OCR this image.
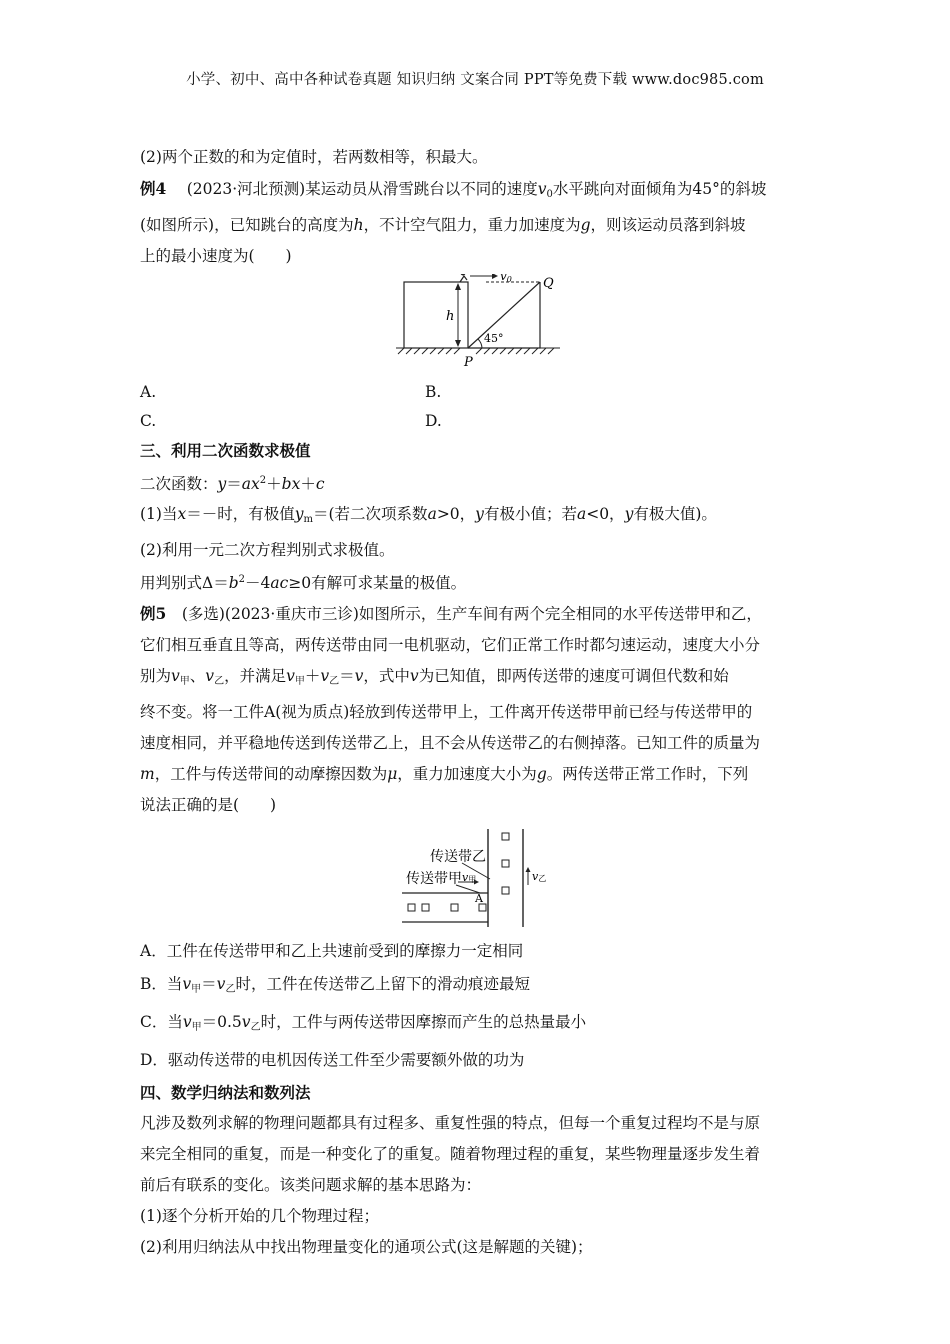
小学、初中、高中各种试卷真题 知识归纳 文案合同 PPT等免费下载 www.doc985.com

(2)两个正数的和为定值时，若两数相等，积最大。

例4 　 (2023·河北预测)某运动员从滑雪跳台以不同的速度$v_0$水平跳向对面倾角为45°的斜坡
(如图所示)，已知跳台的高度为h，不计空气阻力，重力加速度为g，则该运动员落到斜坡
上的最小速度为(　　)

v0 Q
h
45°
P
A.	B.
C.	D.

三、利用二次函数求极值

二次函数：$y=ax^2+bx+c$

(1)当x＝－时，有极值$y_m=$(若二次项系数a>0，y有极小值；若a<0，y有极大值)。

(2)利用一元二次方程判别式求极值。

用判别式$\Delta=b^2-4ac\ge 0$有解可求某量的极值。

例5　 (多选)(2023·重庆市三诊)如图所示，生产车间有两个完全相同的水平传送带甲和乙，
它们相互垂直且等高，两传送带由同一电机驱动，它们正常工作时都匀速运动，速度大小分
别为$v_甲$、$v_乙$，并满足$v_甲+v_乙=v$，式中v为已知值，即两传送带的速度可调但代数和始
终不变。将一工件A(视为质点)轻放到传送带甲上，工件离开传送带甲前已经与传送带甲的
速度相同，并平稳地传送到传送带乙上，且不会从传送带乙的右侧掉落。已知工件的质量为
m，工件与传送带间的动摩擦因数为μ，重力加速度大小为g。两传送带正常工作时，下列
说法正确的是(　　)

传送带乙
传送带甲 v甲
A
v乙

A．工件在传送带甲和乙上共速前受到的摩擦力一定相同

B．当$v_甲=v_乙$时，工件在传送带乙上留下的滑动痕迹最短

C．当$v_甲=0.5v_乙$时，工件与两传送带因摩擦而产生的总热量最小

D．驱动传送带的电机因传送工件至少需要额外做的功为

四、数学归纳法和数列法

凡涉及数列求解的物理问题都具有过程多、重复性强的特点，但每一个重复过程均不是与原
来完全相同的重复，而是一种变化了的重复。随着物理过程的重复，某些物理量逐步发生着
前后有联系的变化。该类问题求解的基本思路为：

(1)逐个分析开始的几个物理过程；

(2)利用归纳法从中找出物理量变化的通项公式(这是解题的关键)；
